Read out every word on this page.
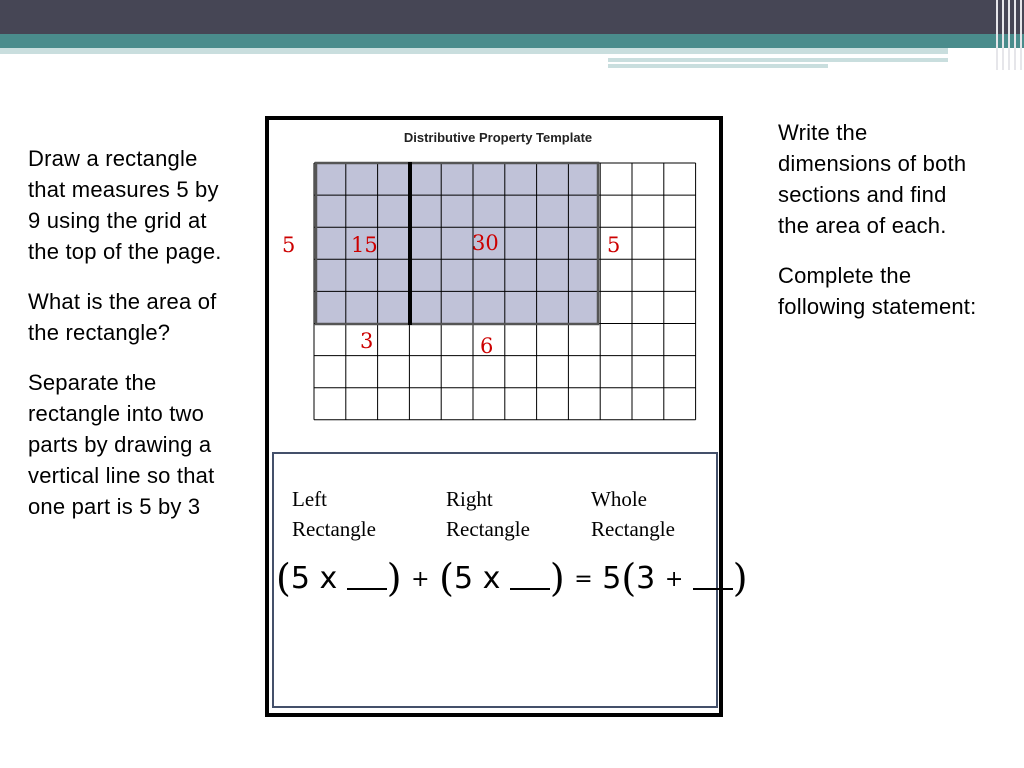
Draw a rectangle that measures 5 by 9 using the grid at the top of the page.

What is the area of the rectangle?

Separate the rectangle into two parts by drawing a vertical line so that one part is 5 by 3

Write the dimensions of both sections and find the area of each.

Complete the following statement:

Distributive Property Template
5	15	30	5
3	6
Left
Rectangle
Right
Rectangle
Whole
Rectangle
(5 x ) + (5 x ) = 5(3 + )
